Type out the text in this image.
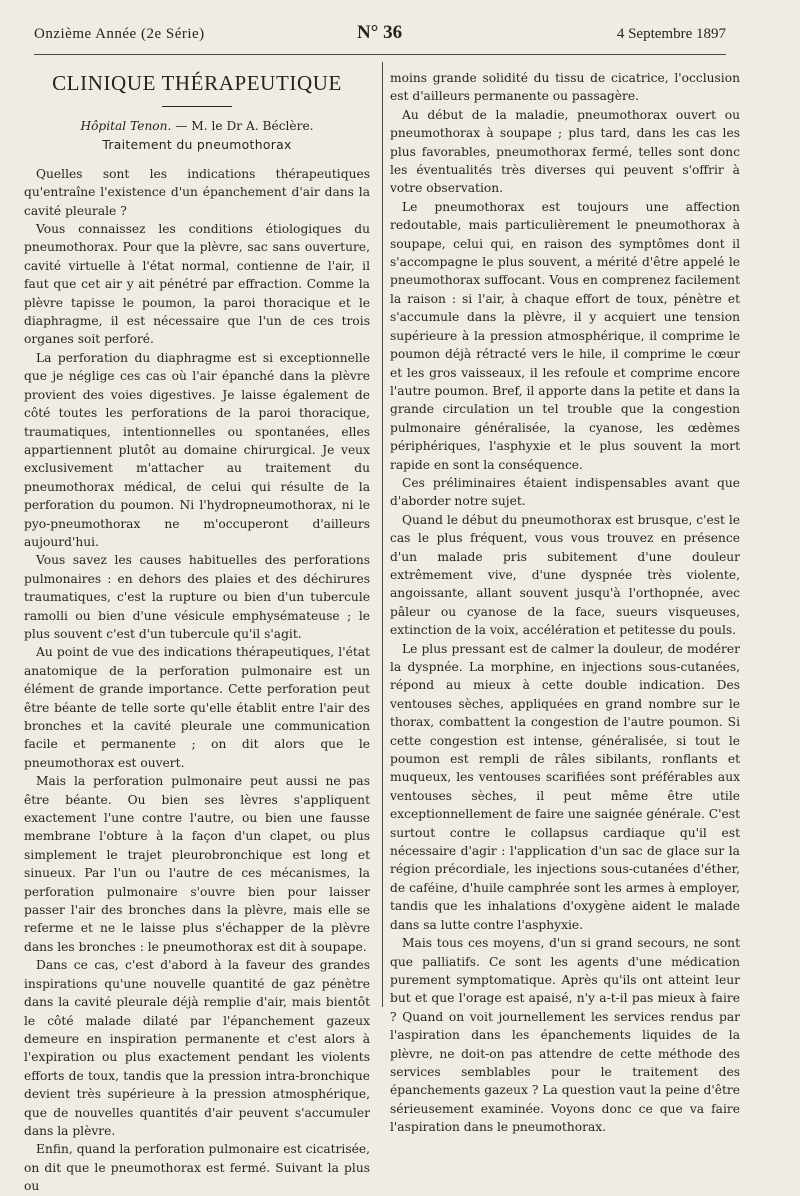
Onzième Année (2e Série)	N° 36	4 Septembre 1897
CLINIQUE THÉRAPEUTIQUE
Hôpital Tenon. — M. le Dr A. Béclère.
Traitement du pneumothorax

Quelles sont les indications thérapeutiques qu'entraîne l'existence d'un épanchement d'air dans la cavité pleurale ?

Vous connaissez les conditions étiologiques du pneumothorax. Pour que la plèvre, sac sans ouverture, cavité virtuelle à l'état normal, contienne de l'air, il faut que cet air y ait pénétré par effraction. Comme la plèvre tapisse le poumon, la paroi thoracique et le diaphragme, il est nécessaire que l'un de ces trois organes soit perforé.

La perforation du diaphragme est si exceptionnelle que je néglige ces cas où l'air épanché dans la plèvre provient des voies digestives. Je laisse également de côté toutes les perforations de la paroi thoracique, traumatiques, intentionnelles ou spontanées, elles appartiennent plutôt au domaine chirurgical. Je veux exclusivement m'attacher au traitement du pneumothorax médical, de celui qui résulte de la perforation du poumon. Ni l'hydropneumothorax, ni le pyo-pneumothorax ne m'occuperont d'ailleurs aujourd'hui.

Vous savez les causes habituelles des perforations pulmonaires : en dehors des plaies et des déchirures traumatiques, c'est la rupture ou bien d'un tubercule ramolli ou bien d'une vésicule emphysémateuse ; le plus souvent c'est d'un tubercule qu'il s'agit.

Au point de vue des indications thérapeutiques, l'état anatomique de la perforation pulmonaire est un élément de grande importance. Cette perforation peut être béante de telle sorte qu'elle établit entre l'air des bronches et la cavité pleurale une communication facile et permanente ; on dit alors que le pneumothorax est ouvert.

Mais la perforation pulmonaire peut aussi ne pas être béante. Ou bien ses lèvres s'appliquent exactement l'une contre l'autre, ou bien une fausse membrane l'obture à la façon d'un clapet, ou plus simplement le trajet pleurobronchique est long et sinueux. Par l'un ou l'autre de ces mécanismes, la perforation pulmonaire s'ouvre bien pour laisser passer l'air des bronches dans la plèvre, mais elle se referme et ne le laisse plus s'échapper de la plèvre dans les bronches : le pneumothorax est dit à soupape.

Dans ce cas, c'est d'abord à la faveur des grandes inspirations qu'une nouvelle quantité de gaz pénètre dans la cavité pleurale déjà remplie d'air, mais bientôt le côté malade dilaté par l'épanchement gazeux demeure en inspiration permanente et c'est alors à l'expiration ou plus exactement pendant les violents efforts de toux, tandis que la pression intra-bronchique devient très supérieure à la pression atmosphérique, que de nouvelles quantités d'air peuvent s'accumuler dans la plèvre.

Enfin, quand la perforation pulmonaire est cicatrisée, on dit que le pneumothorax est fermé. Suivant la plus ou

moins grande solidité du tissu de cicatrice, l'occlusion est d'ailleurs permanente ou passagère.

Au début de la maladie, pneumothorax ouvert ou pneumothorax à soupape ; plus tard, dans les cas les plus favorables, pneumothorax fermé, telles sont donc les éventualités très diverses qui peuvent s'offrir à votre observation.

Le pneumothorax est toujours une affection redoutable, mais particulièrement le pneumothorax à soupape, celui qui, en raison des symptômes dont il s'accompagne le plus souvent, a mérité d'être appelé le pneumothorax suffocant. Vous en comprenez facilement la raison : si l'air, à chaque effort de toux, pénètre et s'accumule dans la plèvre, il y acquiert une tension supérieure à la pression atmosphérique, il comprime le poumon déjà rétracté vers le hile, il comprime le cœur et les gros vaisseaux, il les refoule et comprime encore l'autre poumon. Bref, il apporte dans la petite et dans la grande circulation un tel trouble que la congestion pulmonaire généralisée, la cyanose, les œdèmes périphériques, l'asphyxie et le plus souvent la mort rapide en sont la conséquence.

Ces préliminaires étaient indispensables avant que d'aborder notre sujet.

Quand le début du pneumothorax est brusque, c'est le cas le plus fréquent, vous vous trouvez en présence d'un malade pris subitement d'une douleur extrêmement vive, d'une dyspnée très violente, angoissante, allant souvent jusqu'à l'orthopnée, avec pâleur ou cyanose de la face, sueurs visqueuses, extinction de la voix, accélération et petitesse du pouls.

Le plus pressant est de calmer la douleur, de modérer la dyspnée. La morphine, en injections sous-cutanées, répond au mieux à cette double indication. Des ventouses sèches, appliquées en grand nombre sur le thorax, combattent la congestion de l'autre poumon. Si cette congestion est intense, généralisée, si tout le poumon est rempli de râles sibilants, ronflants et muqueux, les ventouses scarifiées sont préférables aux ventouses sèches, il peut même être utile exceptionnellement de faire une saignée générale. C'est surtout contre le collapsus cardiaque qu'il est nécessaire d'agir : l'application d'un sac de glace sur la région précordiale, les injections sous-cutanées d'éther, de caféine, d'huile camphrée sont les armes à employer, tandis que les inhalations d'oxygène aident le malade dans sa lutte contre l'asphyxie.

Mais tous ces moyens, d'un si grand secours, ne sont que palliatifs. Ce sont les agents d'une médication purement symptomatique. Après qu'ils ont atteint leur but et que l'orage est apaisé, n'y a-t-il pas mieux à faire ? Quand on voit journellement les services rendus par l'aspiration dans les épanchements liquides de la plèvre, ne doit-on pas attendre de cette méthode des services semblables pour le traitement des épanchements gazeux ? La question vaut la peine d'être sérieusement examinée. Voyons donc ce que va faire l'aspiration dans le pneumothorax.
